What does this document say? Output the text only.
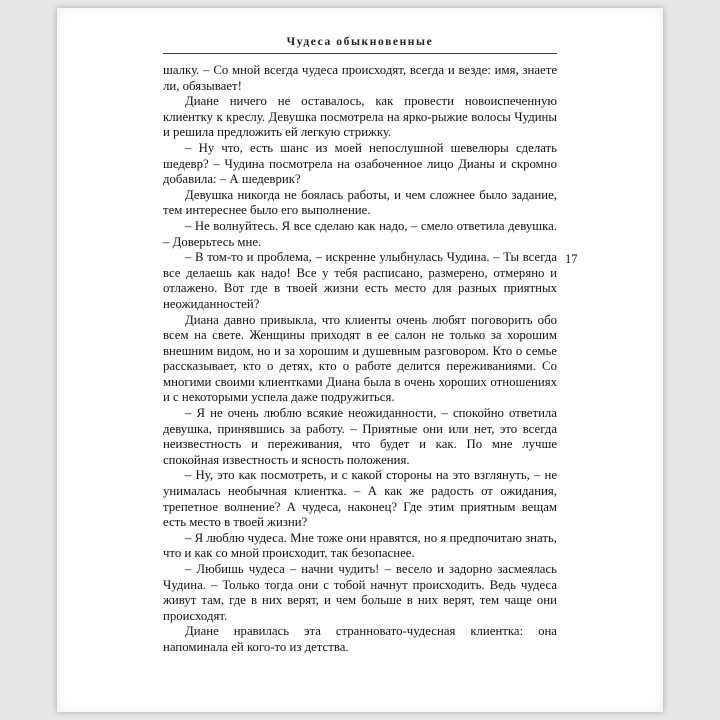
Чудеса обыкновенные

шалку. – Со мной всегда чудеса происходят, всегда и везде: имя, знаете ли, обязывает!

Диане ничего не оставалось, как провести новоиспеченную клиентку к креслу. Девушка посмотрела на ярко-рыжие волосы Чудины и решила предложить ей легкую стрижку.

– Ну что, есть шанс из моей непослушной шевелюры сделать шедевр? – Чудина посмотрела на озабоченное лицо Дианы и скромно добавила: – А шедеврик?

Девушка никогда не боялась работы, и чем сложнее было задание, тем интереснее было его выполнение.

– Не волнуйтесь. Я все сделаю как надо, – смело ответила девушка. – Доверьтесь мне.

– В том-то и проблема, – искренне улыбнулась Чудина. – Ты всегда все делаешь как надо! Все у тебя расписано, размерено, отмеряно и отлажено. Вот где в твоей жизни есть место для разных приятных неожиданностей?

Диана давно привыкла, что клиенты очень любят поговорить обо всем на свете. Женщины приходят в ее салон не только за хорошим внешним видом, но и за хорошим и душевным разговором. Кто о семье рассказывает, кто о детях, кто о работе делится переживаниями. Со многими своими клиентками Диана была в очень хороших отношениях и с некоторыми успела даже подружиться.

– Я не очень люблю всякие неожиданности, – спокойно ответила девушка, принявшись за работу. – Приятные они или нет, это всегда неизвестность и переживания, что будет и как. По мне лучше спокойная известность и ясность положения.

– Ну, это как посмотреть, и с какой стороны на это взглянуть, – не унималась необычная клиентка. – А как же радость от ожидания, трепетное волнение? А чудеса, наконец? Где этим приятным вещам есть место в твоей жизни?

– Я люблю чудеса. Мне тоже они нравятся, но я предпочитаю знать, что и как со мной происходит, так безопаснее.

– Любишь чудеса – начни чудить! – весело и задорно засмеялась Чудина. – Только тогда они с тобой начнут происходить. Ведь чудеса живут там, где в них верят, и чем больше в них верят, тем чаще они происходят.

Диане нравилась эта странновато-чудесная клиентка: она напоминала ей кого-то из детства.

17
